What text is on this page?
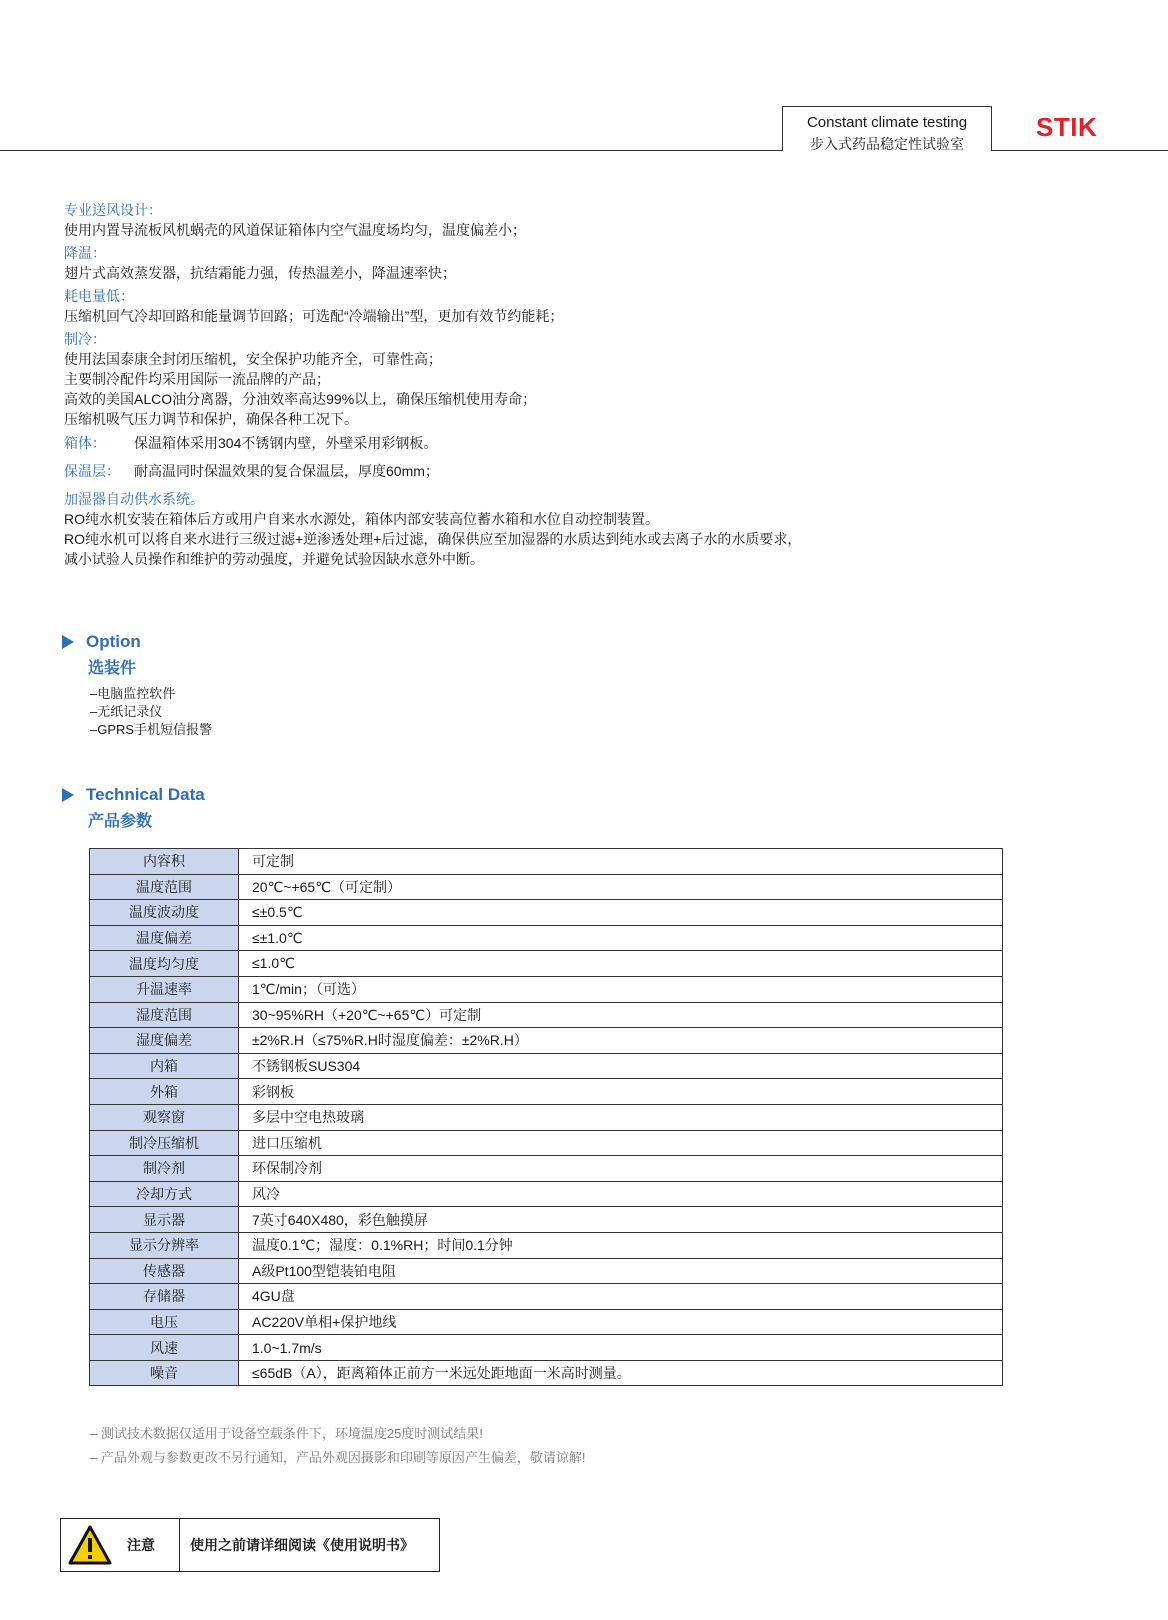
Constant climate testing
步入式药品稳定性试验室
STIK
专业送风设计：
使用内置导流板风机蜗壳的风道保证箱体内空气温度场均匀，温度偏差小；
降温：
翅片式高效蒸发器，抗结霜能力强，传热温差小，降温速率快；
耗电量低：
压缩机回气冷却回路和能量调节回路；可选配“冷端输出”型，更加有效节约能耗；
制冷：
使用法国泰康全封闭压缩机，安全保护功能齐全，可靠性高；
主要制冷配件均采用国际一流品牌的产品；
高效的美国ALCO油分离器，分油效率高达99%以上，确保压缩机使用寿命；
压缩机吸气压力调节和保护，确保各种工况下。
箱体： 保温箱体采用304不锈钢内壁，外壁采用彩钢板。
保温层： 耐高温同时保温效果的复合保温层，厚度60mm；
加湿器自动供水系统。
RO纯水机安装在箱体后方或用户自来水水源处，箱体内部安装高位蓄水箱和水位自动控制装置。
RO纯水机可以将自来水进行三级过滤+逆渗透处理+后过滤，确保供应至加湿器的水质达到纯水或去离子水的水质要求，
减小试验人员操作和维护的劳动强度，并避免试验因缺水意外中断。
Option
选装件
–电脑监控软件
–无纸记录仪
–GPRS手机短信报警
Technical Data
产品参数
内容积	可定制
温度范围	20℃~+65℃（可定制）
温度波动度	≤±0.5℃
温度偏差	≤±1.0℃
温度均匀度	≤1.0℃
升温速率	1℃/min；（可选）
湿度范围	30~95%RH（+20℃~+65℃）可定制
湿度偏差	±2%R.H（≤75%R.H时湿度偏差：±2%R.H）
内箱	不锈钢板SUS304
外箱	彩钢板
观察窗	多层中空电热玻璃
制冷压缩机	进口压缩机
制冷剂	环保制冷剂
冷却方式	风冷
显示器	7英寸640X480，彩色触摸屏
显示分辨率	温度0.1℃；湿度：0.1%RH；时间0.1分钟
传感器	A级Pt100型铠装铂电阻
存储器	4GU盘
电压	AC220V单相+保护地线
风速	1.0~1.7m/s
噪音	≤65dB（A），距离箱体正前方一米远处距地面一米高时测量。
– 测试技术数据仅适用于设备空载条件下，环境温度25度时测试结果!
– 产品外观与参数更改不另行通知，产品外观因摄影和印刷等原因产生偏差，敬请谅解!
注意	使用之前请详细阅读《使用说明书》
